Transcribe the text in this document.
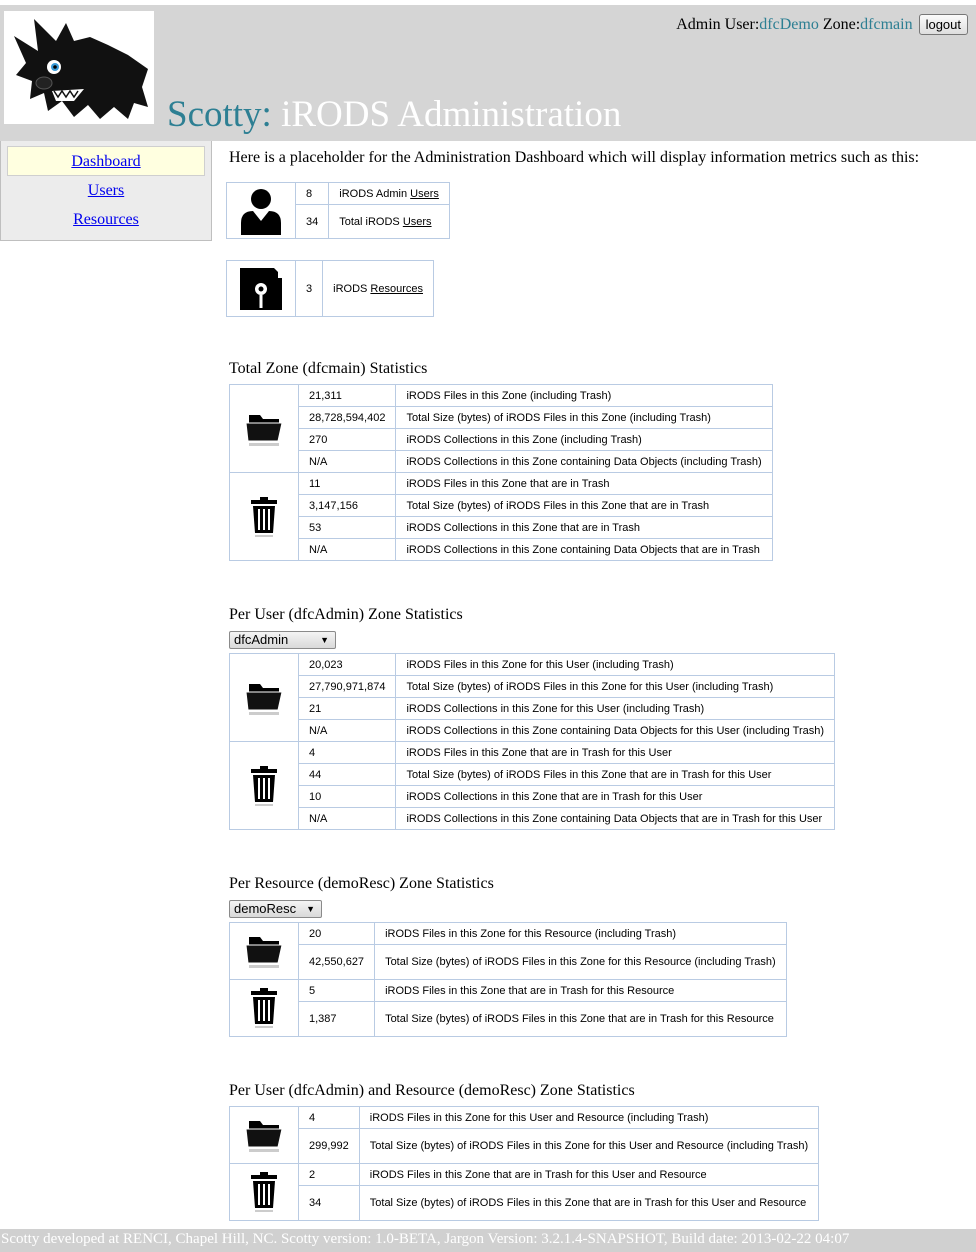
Scotty: iRODS Administration
Admin User: dfcDemo Zone: dfcmain	logout
Dashboard
Users
Resources
Here is a placeholder for the Administration Dashboard which will display information metrics such as this:
	8	iRODS Admin Users
	34	Total iRODS Users
	3	iRODS Resources
Total Zone (dfcmain) Statistics
	21,311	iRODS Files in this Zone (including Trash)
	28,728,594,402	Total Size (bytes) of iRODS Files in this Zone (including Trash)
	270	iRODS Collections in this Zone (including Trash)
	N/A	iRODS Collections in this Zone containing Data Objects (including Trash)

	11	iRODS Files in this Zone that are in Trash
	3,147,156	Total Size (bytes) of iRODS Files in this Zone that are in Trash
	53	iRODS Collections in this Zone that are in Trash
	N/A	iRODS Collections in this Zone containing Data Objects that are in Trash
Per User (dfcAdmin) Zone Statistics
dfcAdmin	▼
	20,023	iRODS Files in this Zone for this User (including Trash)
	27,790,971,874	Total Size (bytes) of iRODS Files in this Zone for this User (including Trash)
	21	iRODS Collections in this Zone for this User (including Trash)
	N/A	iRODS Collections in this Zone containing Data Objects for this User (including Trash)

	4	iRODS Files in this Zone that are in Trash for this User
	44	Total Size (bytes) of iRODS Files in this Zone that are in Trash for this User
	10	iRODS Collections in this Zone that are in Trash for this User
	N/A	iRODS Collections in this Zone containing Data Objects that are in Trash for this User
Per Resource (demoResc) Zone Statistics
demoResc ▼
	20	iRODS Files in this Zone for this Resource (including Trash)
	42,550,627	Total Size (bytes) of iRODS Files in this Zone for this Resource (including Trash)

	5	iRODS Files in this Zone that are in Trash for this Resource
	1,387	Total Size (bytes) of iRODS Files in this Zone that are in Trash for this Resource
Per User (dfcAdmin) and Resource (demoResc) Zone Statistics
	4	iRODS Files in this Zone for this User and Resource (including Trash)
	299,992	Total Size (bytes) of iRODS Files in this Zone for this User and Resource (including Trash)

	2	iRODS Files in this Zone that are in Trash for this User and Resource
	34	Total Size (bytes) of iRODS Files in this Zone that are in Trash for this User and Resource
Scotty developed at RENCI, Chapel Hill, NC. Scotty version: 1.0-BETA, Jargon Version: 3.2.1.4-SNAPSHOT, Build date: 2013-02-22 04:07
